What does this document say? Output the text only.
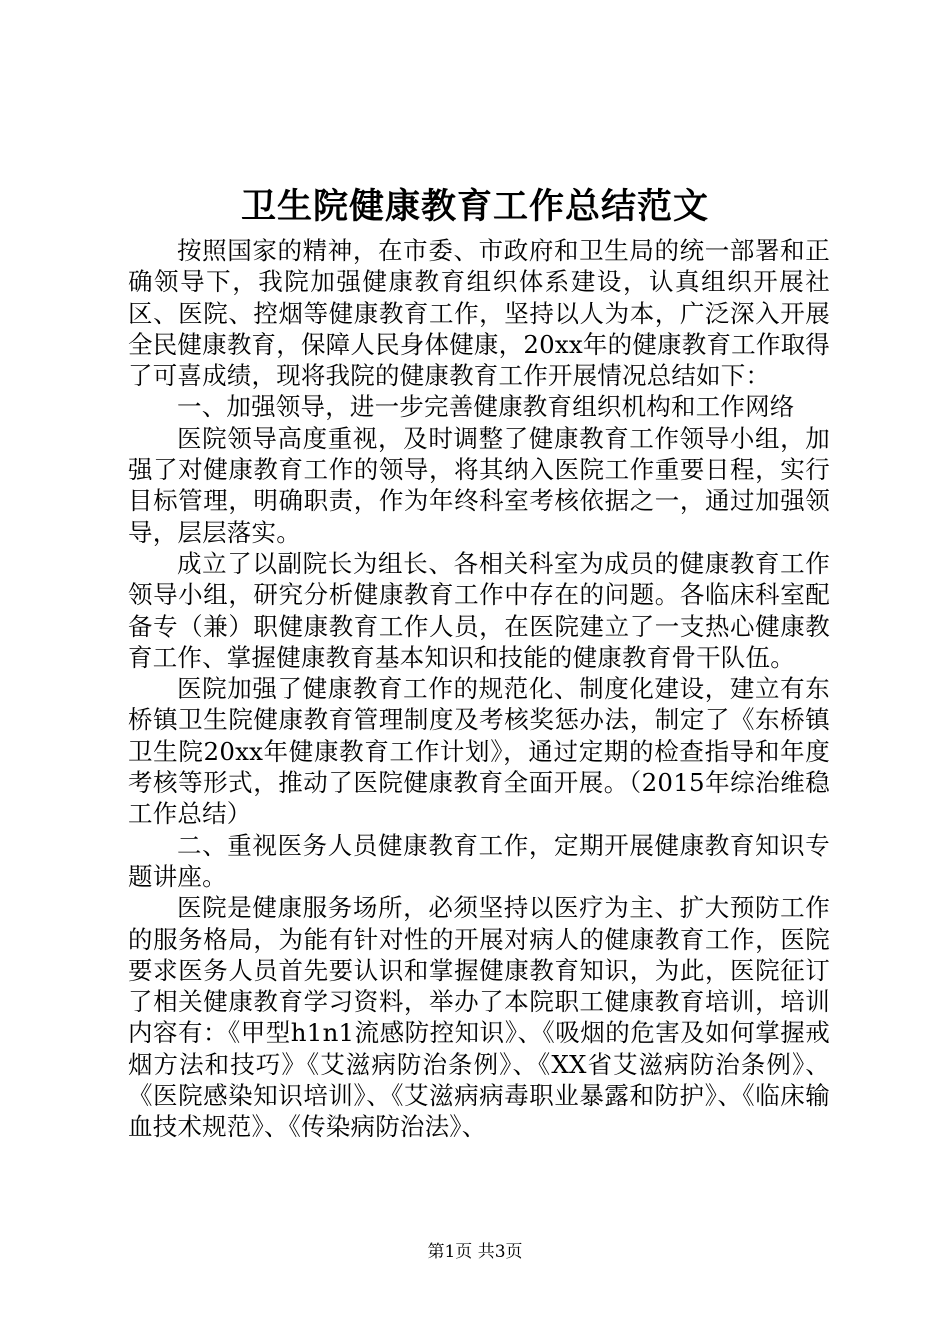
卫生院健康教育工作总结范文

按照国家的精神，在市委、市政府和卫生局的统一部署和正确领导下，我院加强健康教育组织体系建设，认真组织开展社区、医院、控烟等健康教育工作，坚持以人为本，广泛深入开展全民健康教育，保障人民身体健康，20xx年的健康教育工作取得了可喜成绩，现将我院的健康教育工作开展情况总结如下：

一、加强领导，进一步完善健康教育组织机构和工作网络

医院领导高度重视，及时调整了健康教育工作领导小组，加强了对健康教育工作的领导，将其纳入医院工作重要日程，实行目标管理，明确职责，作为年终科室考核依据之一，通过加强领导，层层落实。

成立了以副院长为组长、各相关科室为成员的健康教育工作领导小组，研究分析健康教育工作中存在的问题。各临床科室配备专（兼）职健康教育工作人员，在医院建立了一支热心健康教育工作、掌握健康教育基本知识和技能的健康教育骨干队伍。

医院加强了健康教育工作的规范化、制度化建设，建立有东桥镇卫生院健康教育管理制度及考核奖惩办法，制定了《东桥镇卫生院20xx年健康教育工作计划》，通过定期的检查指导和年度考核等形式，推动了医院健康教育全面开展。（2015年综治维稳工作总结）

二、重视医务人员健康教育工作，定期开展健康教育知识专题讲座。

医院是健康服务场所，必须坚持以医疗为主、扩大预防工作的服务格局，为能有针对性的开展对病人的健康教育工作，医院要求医务人员首先要认识和掌握健康教育知识，为此，医院征订了相关健康教育学习资料，举办了本院职工健康教育培训，培训内容有：《甲型h1n1流感防控知识》、《吸烟的危害及如何掌握戒烟方法和技巧》《艾滋病防治条例》、《XX省艾滋病防治条例》、《医院感染知识培训》、《艾滋病病毒职业暴露和防护》、《临床输血技术规范》、《传染病防治法》、

第1页 共3页
